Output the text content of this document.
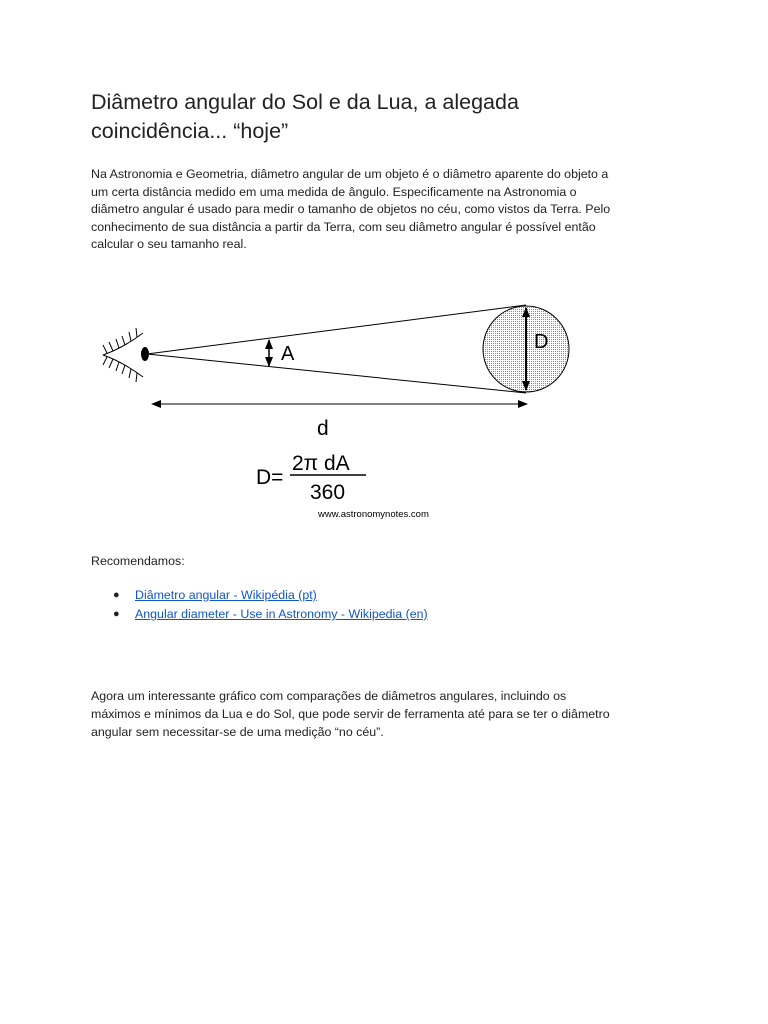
Diâmetro angular do Sol e da Lua, a alegada
coincidência... “hoje”

Na Astronomia e Geometria, diâmetro angular de um objeto é o diâmetro aparente do objeto a
um certa distância medido em uma medida de ângulo. Especificamente na Astronomia o
diâmetro angular é usado para medir o tamanho de objetos no céu, como vistos da Terra. Pelo
conhecimento de sua distância a partir da Terra, com seu diâmetro angular é possível então
calcular o seu tamanho real.

A
D
d
D=
2π dA
360
www.astronomynotes.com
Recomendamos:
● Diâmetro angular - Wikipédia (pt)
● Angular diameter - Use in Astronomy - Wikipedia (en)

Agora um interessante gráfico com comparações de diâmetros angulares, incluindo os
máximos e mínimos da Lua e do Sol, que pode servir de ferramenta até para se ter o diâmetro
angular sem necessitar-se de uma medição “no céu”.
